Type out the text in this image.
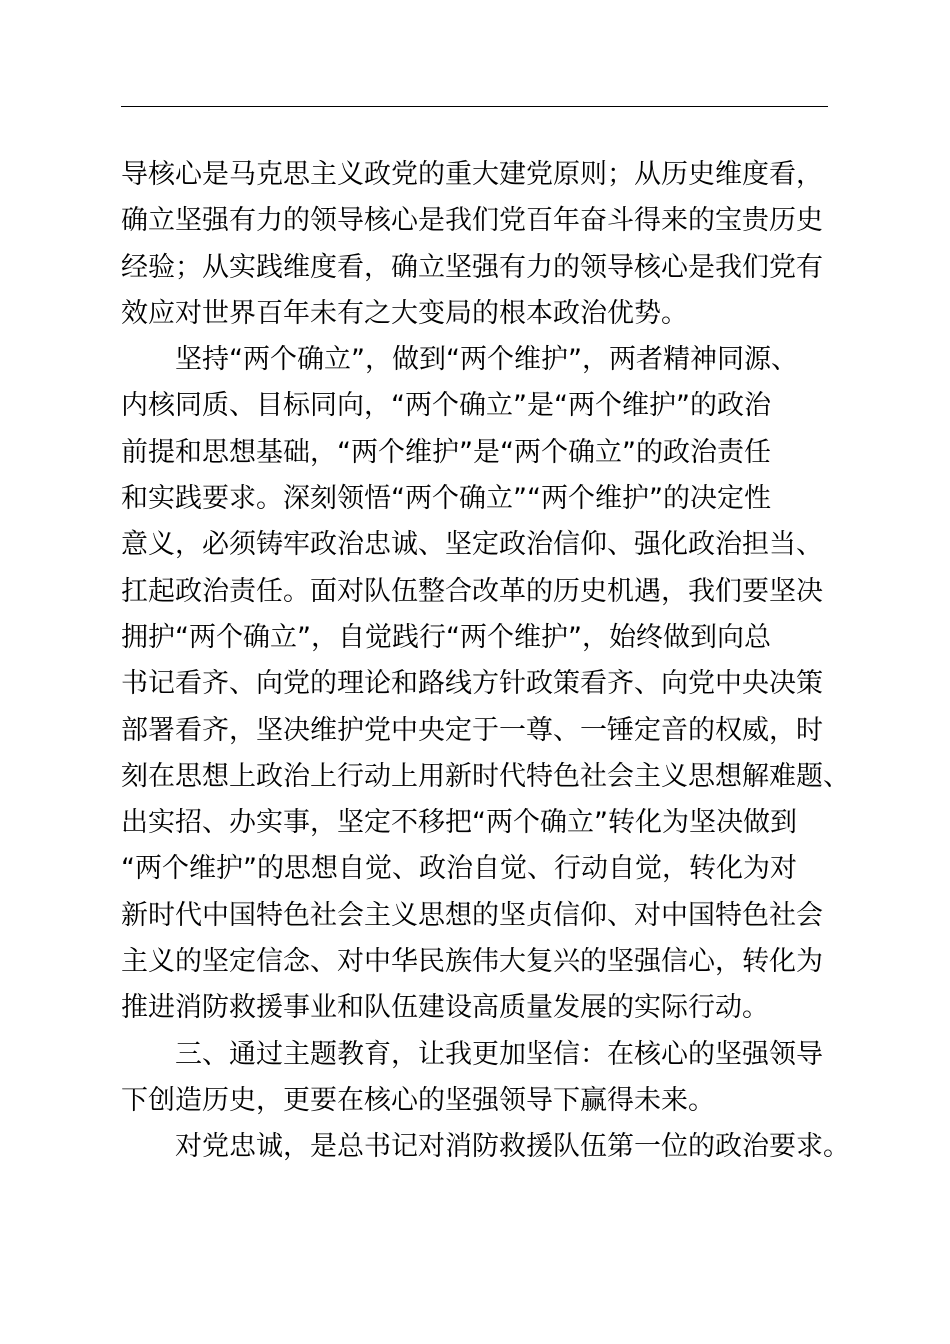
导核心是马克思主义政党的重大建党原则；从历史维度看，
确立坚强有力的领导核心是我们党百年奋斗得来的宝贵历史
经验；从实践维度看，确立坚强有力的领导核心是我们党有
效应对世界百年未有之大变局的根本政治优势。
坚持“两个确立”，做到“两个维护”，两者精神同源、
内核同质、目标同向，“两个确立”是“两个维护”的政治
前提和思想基础，“两个维护”是“两个确立”的政治责任
和实践要求。深刻领悟“两个确立”“两个维护”的决定性
意义，必须铸牢政治忠诚、坚定政治信仰、强化政治担当、
扛起政治责任。面对队伍整合改革的历史机遇，我们要坚决
拥护“两个确立”，自觉践行“两个维护”，始终做到向总
书记看齐、向党的理论和路线方针政策看齐、向党中央决策
部署看齐，坚决维护党中央定于一尊、一锤定音的权威，时
刻在思想上政治上行动上用新时代特色社会主义思想解难题、
出实招、办实事，坚定不移把“两个确立”转化为坚决做到
“两个维护”的思想自觉、政治自觉、行动自觉，转化为对
新时代中国特色社会主义思想的坚贞信仰、对中国特色社会
主义的坚定信念、对中华民族伟大复兴的坚强信心，转化为
推进消防救援事业和队伍建设高质量发展的实际行动。
三、通过主题教育，让我更加坚信：在核心的坚强领导
下创造历史，更要在核心的坚强领导下赢得未来。
对党忠诚，是总书记对消防救援队伍第一位的政治要求。
